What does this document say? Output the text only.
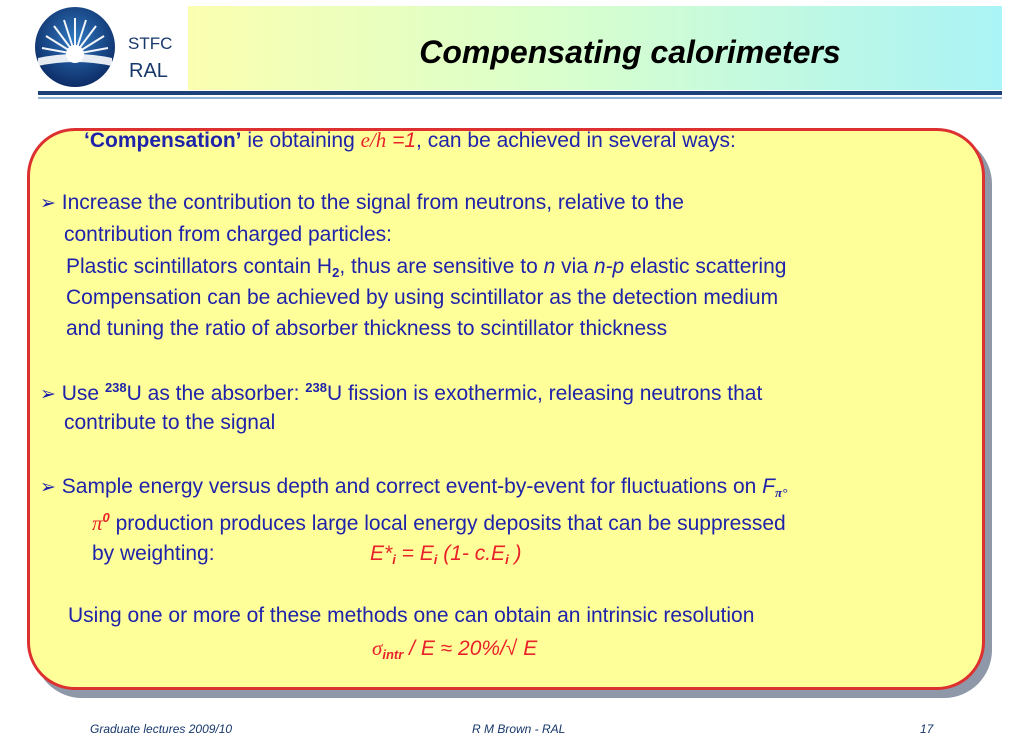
STFC
RAL
Compensating calorimeters
‘Compensation’ ie obtaining e/h =1, can be achieved in several ways:
➢ Increase the contribution to the signal from neutrons, relative to the
contribution from charged particles:
Plastic scintillators contain $H_2$, thus are sensitive to n via n-p elastic scattering
Compensation can be achieved by using scintillator as the detection medium
and tuning the ratio of absorber thickness to scintillator thickness
➢ Use $^{238}$U as the absorber: $^{238}$U fission is exothermic, releasing neutrons that
contribute to the signal
➢ Sample energy versus depth and correct event-by-event for fluctuations on $F_{\pi^\circ}$
$\pi^0$ production produces large local energy deposits that can be suppressed
by weighting:	$E*_i = E_i$ (1- $c.E_i$ )
Using one or more of these methods one can obtain an intrinsic resolution
$\sigma_{intr} / E \approx 20\%/√$ E
Graduate lectures 2009/10	R M Brown - RAL	17
